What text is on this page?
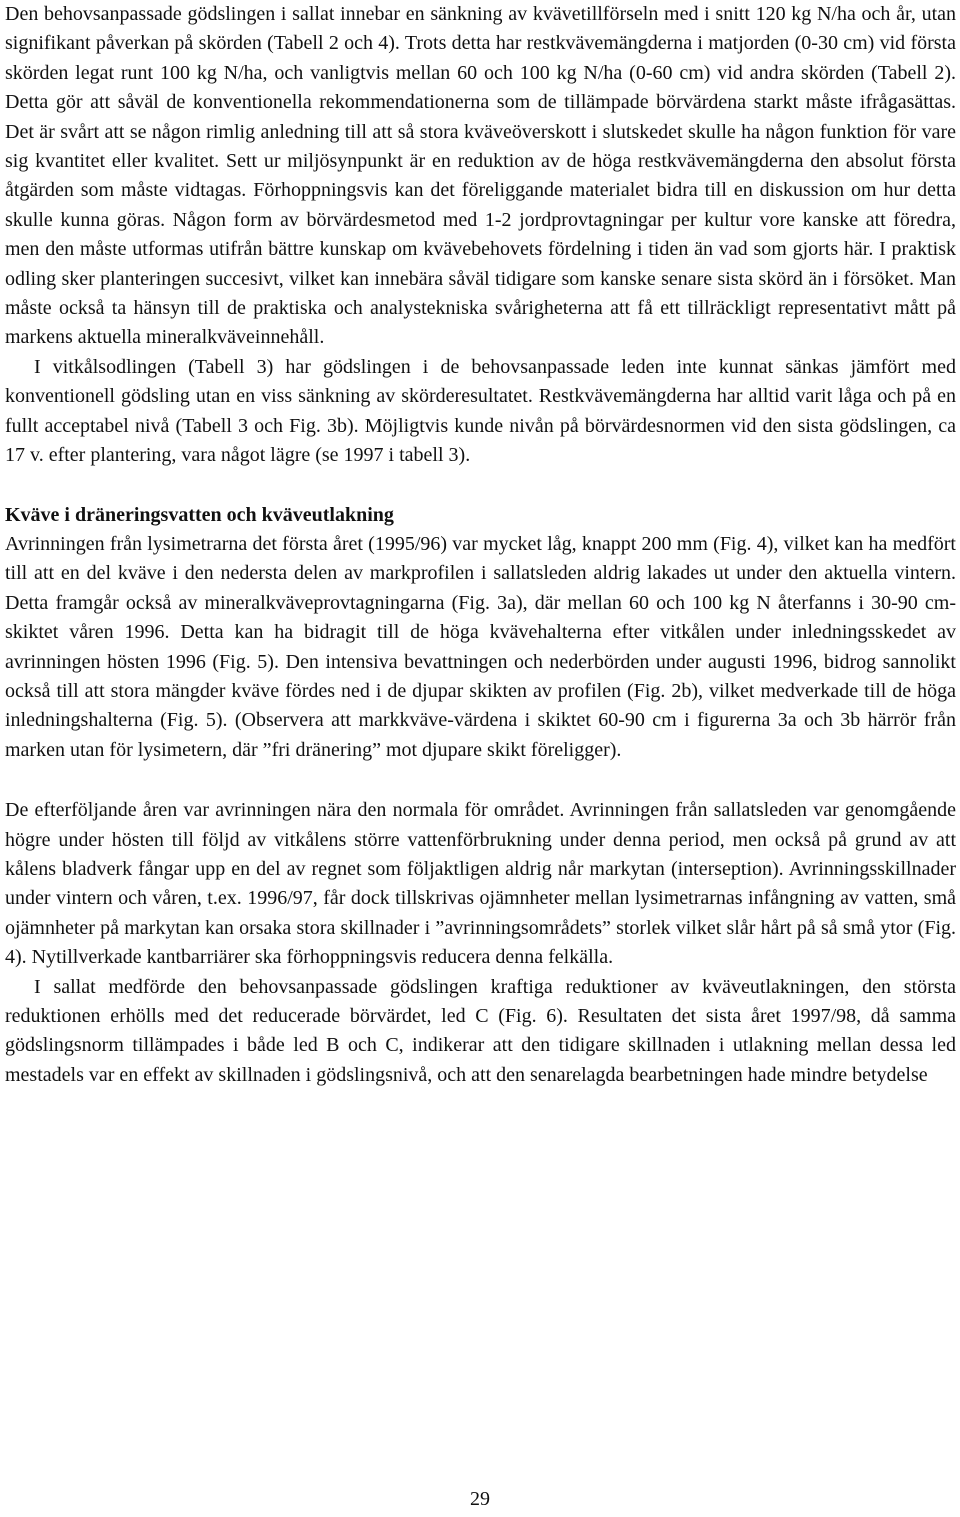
Den behovsanpassade gödslingen i sallat innebar en sänkning av kvävetillförseln med i snitt 120 kg N/ha och år, utan signifikant påverkan på skörden (Tabell 2 och 4). Trots detta har restkvävemängderna i matjorden (0-30 cm) vid första skörden legat runt 100 kg N/ha, och vanligtvis mellan 60 och 100 kg N/ha (0-60 cm) vid andra skörden (Tabell 2). Detta gör att såväl de konventionella rekommendationerna som de tillämpade börvärdena starkt måste ifrågasättas. Det är svårt att se någon rimlig anledning till att så stora kväveöverskott i slutskedet skulle ha någon funktion för vare sig kvantitet eller kvalitet. Sett ur miljösynpunkt är en reduktion av de höga restkvävemängderna den absolut första åtgärden som måste vidtagas. Förhoppningsvis kan det föreliggande materialet bidra till en diskussion om hur detta skulle kunna göras. Någon form av börvärdesmetod med 1-2 jordprovtagningar per kultur vore kanske att föredra, men den måste utformas utifrån bättre kunskap om kvävebehovets fördelning i tiden än vad som gjorts här. I praktisk odling sker planteringen succesivt, vilket kan innebära såväl tidigare som kanske senare sista skörd än i försöket. Man måste också ta hänsyn till de praktiska och analystekniska svårigheterna att få ett tillräckligt representativt mått på markens aktuella mineralkväveinnehåll.

I vitkålsodlingen (Tabell 3) har gödslingen i de behovsanpassade leden inte kunnat sänkas jämfört med konventionell gödsling utan en viss sänkning av skörderesultatet. Restkvävemängderna har alltid varit låga och på en fullt acceptabel nivå (Tabell 3 och Fig. 3b). Möjligtvis kunde nivån på börvärdesnormen vid den sista gödslingen, ca 17 v. efter plantering, vara något lägre (se 1997 i tabell 3).

Kväve i dräneringsvatten och kväveutlakning

Avrinningen från lysimetrarna det första året (1995/96) var mycket låg, knappt 200 mm (Fig. 4), vilket kan ha medfört till att en del kväve i den nedersta delen av markprofilen i sallatsleden aldrig lakades ut under den aktuella vintern. Detta framgår också av mineralkväveprovtagningarna (Fig. 3a), där mellan 60 och 100 kg N återfanns i 30-90 cm-skiktet våren 1996. Detta kan ha bidragit till de höga kvävehalterna efter vitkålen under inledningsskedet av avrinningen hösten 1996 (Fig. 5). Den intensiva bevattningen och nederbörden under augusti 1996, bidrog sannolikt också till att stora mängder kväve fördes ned i de djupar skikten av profilen (Fig. 2b), vilket medverkade till de höga inledningshalterna (Fig. 5). (Observera att markkväve-värdena i skiktet 60-90 cm i figurerna 3a och 3b härrör från marken utan för lysimetern, där ”fri dränering” mot djupare skikt föreligger).

De efterföljande åren var avrinningen nära den normala för området. Avrinningen från sallatsleden var genomgående högre under hösten till följd av vitkålens större vattenförbrukning under denna period, men också på grund av att kålens bladverk fångar upp en del av regnet som följaktligen aldrig når markytan (interseption). Avrinningsskillnader under vintern och våren, t.ex. 1996/97, får dock tillskrivas ojämnheter mellan lysimetrarnas infångning av vatten, små ojämnheter på markytan kan orsaka stora skillnader i ”avrinningsområdets” storlek vilket slår hårt på så små ytor (Fig. 4). Nytillverkade kantbarriärer ska förhoppningsvis reducera denna felkälla.

I sallat medförde den behovsanpassade gödslingen kraftiga reduktioner av kväveutlakningen, den största reduktionen erhölls med det reducerade börvärdet, led C (Fig. 6). Resultaten det sista året 1997/98, då samma gödslingsnorm tillämpades i både led B och C, indikerar att den tidigare skillnaden i utlakning mellan dessa led mestadels var en effekt av skillnaden i gödslingsnivå, och att den senarelagda bearbetningen hade mindre betydelse

29
